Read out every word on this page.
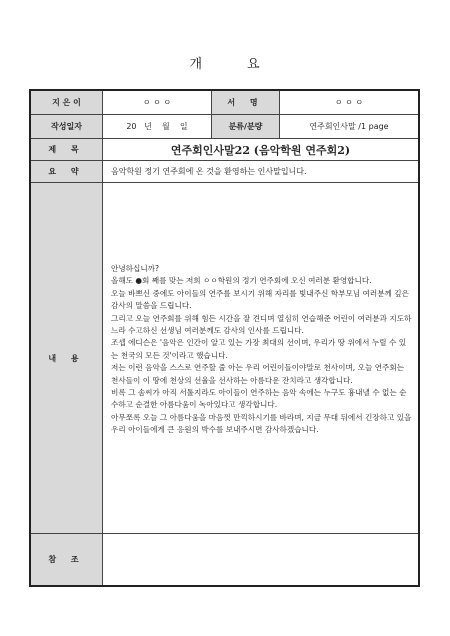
개	요
지 은 이	ㅇ ㅇ ㅇ	서 명	ㅇ ㅇ ㅇ
작성일자	20   년    월    일	분류/분량	연주회인사말 /1 page
제 목	연주회인사말22 (음악학원 연주회2)
요 약	음악학원 정기 연주회에 온 것을 환영하는 인사말입니다.
내 용

안녕하십니까?

올해도 ●회 째를 맞는 저희 ㅇㅇ학원의 정기 연주회에 오신 여러분 환영합니다.

오늘 바쁘신 중에도 아이들의 연주를 보시기 위해 자리를 빛내주신 학부모님 여러분께 깊은 감사의 말씀을 드립니다.

그리고 오늘 연주회를 위해 힘든 시간을 잘 견디며 열심히 연습해준 어린이 여러분과 지도하느라 수고하신 선생님 여러분께도 감사의 인사를 드립니다.

조셉 에디슨은 '음악은 인간이 알고 있는 가장 최대의 선이며, 우리가 땅 위에서 누릴 수 있는 천국의 모든 것'이라고 했습니다.

저는 이런 음악을 스스로 연주할 줄 아는 우리 어린이들이야말로 천사이며, 오늘 연주회는 천사들이 이 땅에 천상의 선율을 선사하는 아름다운 잔치라고 생각합니다.

비록 그 솜씨가 아직 서툴지라도 아이들이 연주하는 음악 속에는 누구도 흉내낼 수 없는 순수하고 순결한 아름다움이 녹아있다고 생각합니다.

아무쪼록 오늘 그 아름다움을 마음껏 만끽하시기를 바라며, 지금 무대 뒤에서 긴장하고 있을 우리 아이들에게 큰 응원의 박수를 보내주시면 감사하겠습니다.

참 조
